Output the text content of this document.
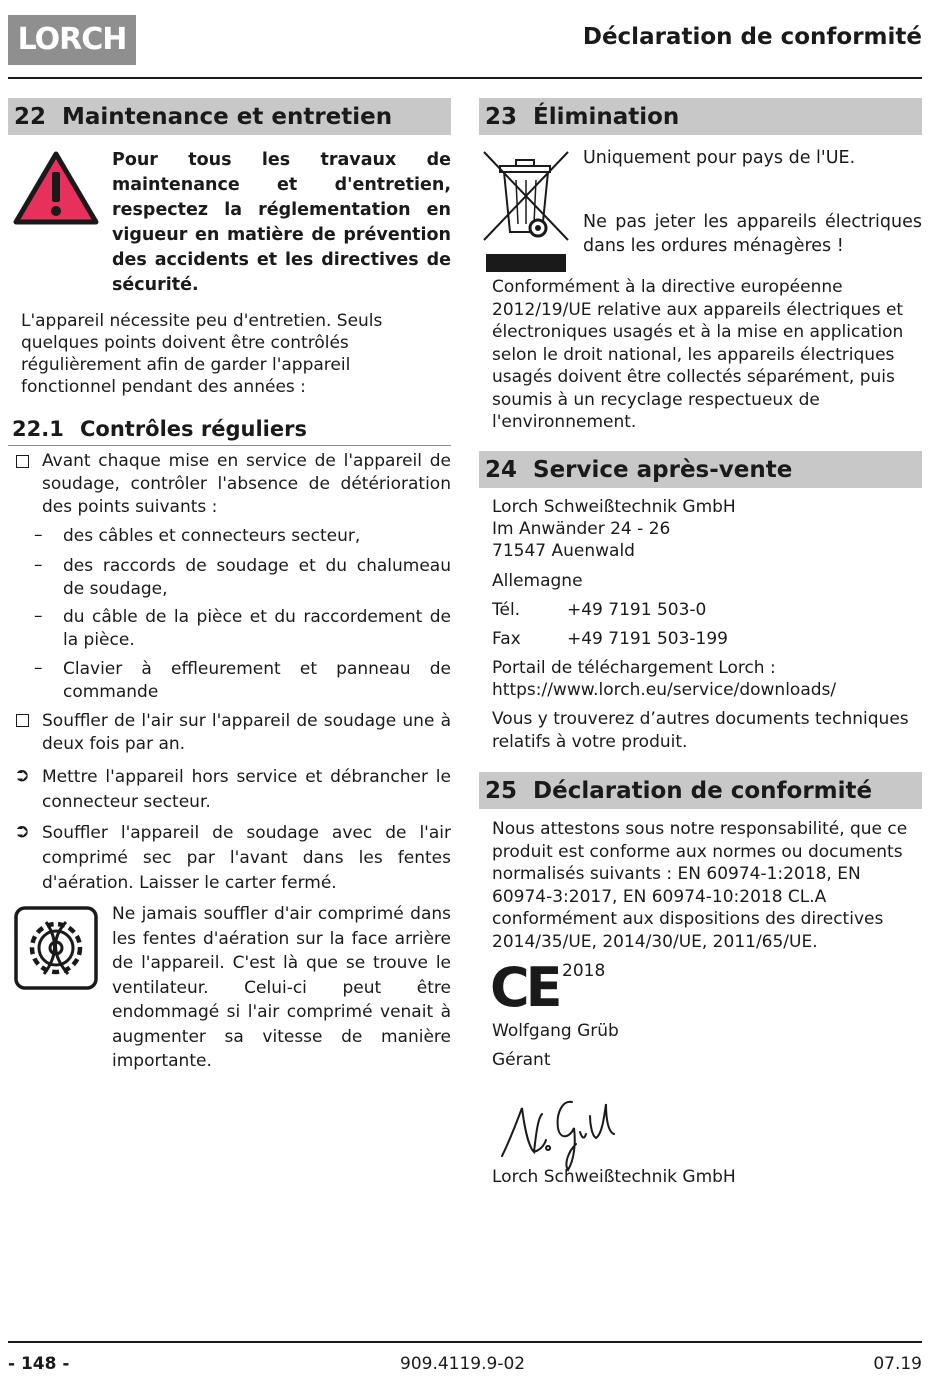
LORCH	Déclaration de conformité
22 Maintenance et entretien
Pour tous les travaux de maintenance et d'entretien, respectez la réglementation en vigueur en matière de prévention des accidents et les directives de sécurité.
L'appareil nécessite peu d'entretien. Seuls quelques points doivent être contrôlés régulièrement afin de garder l'appareil fonctionnel pendant des années :
22.1 Contrôles réguliers
Avant chaque mise en service de l'appareil de soudage, contrôler l'absence de détérioration des points suivants :
– des câbles et connecteurs secteur,
– des raccords de soudage et du chalumeau de soudage,
– du câble de la pièce et du raccordement de la pièce.
– Clavier à effleurement et panneau de commande
Souffler de l'air sur l'appareil de soudage une à deux fois par an.
➲ Mettre l'appareil hors service et débrancher le connecteur secteur.
➲ Souffler l'appareil de soudage avec de l'air comprimé sec par l'avant dans les fentes d'aération. Laisser le carter fermé.
Ne jamais souffler d'air comprimé dans les fentes d'aération sur la face arrière de l'appareil. C'est là que se trouve le ventilateur. Celui-ci peut être endommagé si l'air comprimé venait à augmenter sa vitesse de manière importante.
23 Élimination
Uniquement pour pays de l'UE.
Ne pas jeter les appareils électriques dans les ordures ménagères !
Conformément à la directive européenne 2012/19/UE relative aux appareils électriques et électroniques usagés et à la mise en application selon le droit national, les appareils électriques usagés doivent être collectés séparément, puis soumis à un recyclage respectueux de l'environnement.
24 Service après-vente
Lorch Schweißtechnik GmbH
Im Anwänder 24 - 26
71547 Auenwald
Allemagne
Tél.	+49 7191 503-0
Fax	+49 7191 503-199
Portail de téléchargement Lorch :
https://www.lorch.eu/service/downloads/
Vous y trouverez d’autres documents techniques relatifs à votre produit.
25 Déclaration de conformité
Nous attestons sous notre responsabilité, que ce produit est conforme aux normes ou documents normalisés suivants : EN 60974-1:2018, EN 60974-3:2017, EN 60974-10:2018 CL.A conformément aux dispositions des directives 2014/35/UE, 2014/30/UE, 2011/65/UE.
CE 2018
Wolfgang Grüb
Gérant
Lorch Schweißtechnik GmbH
- 148 -	909.4119.9-02	07.19
